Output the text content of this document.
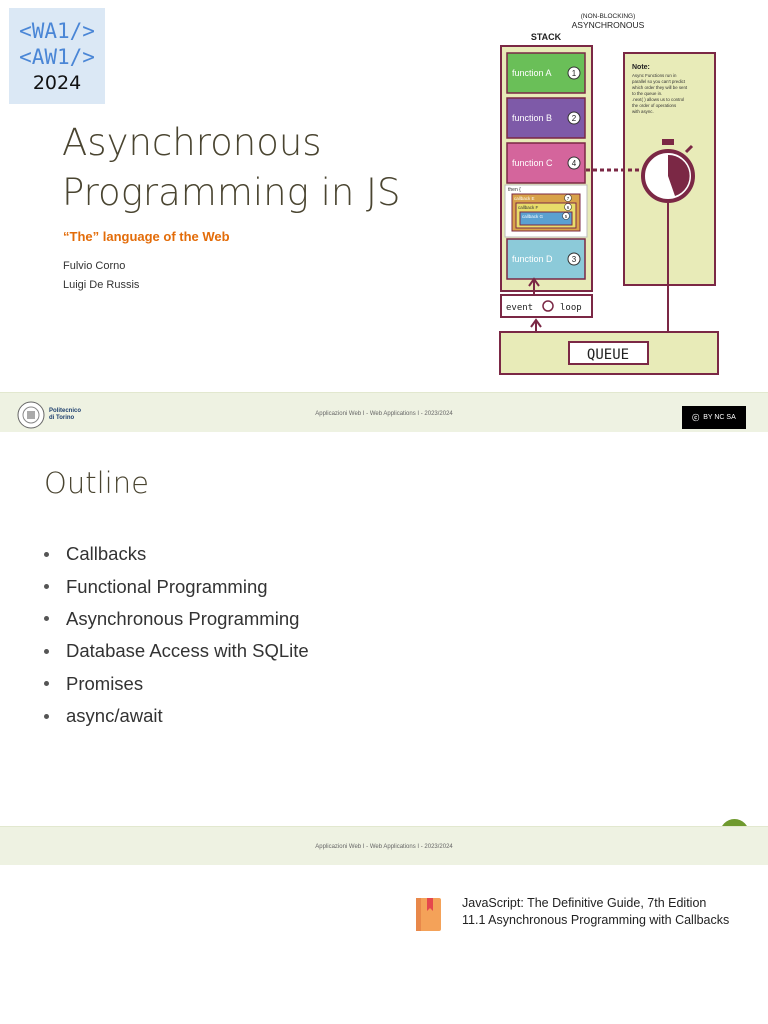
<WA1/>
<AW1/>
2024
Asynchronous
Programming in JS
“The” language of the Web
Fulvio Corno
Luigi De Russis
(NON-BLOCKING)
ASYNCHRONOUS
STACK
function A	1
function B 2
function C 4
then {
callback E	7
callback F	6
callback G	5
function D 3
Note:
Async Functions run in
parallel so you can't predict
which order they will be sent
to the queue in.
.next( ) allows us to control
the order of operations
with async.
event	loop
QUEUE
Politecnico
di Torino
Applicazioni Web I - Web Applications I - 2023/2024
ⓒ BY NC SA
Outline
Callbacks
Functional Programming
Asynchronous Programming
Database Access with SQLite
Promises
async/await
Applicazioni Web I - Web Applications I - 2023/2024
JavaScript: The Definitive Guide, 7th Edition
11.1 Asynchronous Programming with Callbacks
